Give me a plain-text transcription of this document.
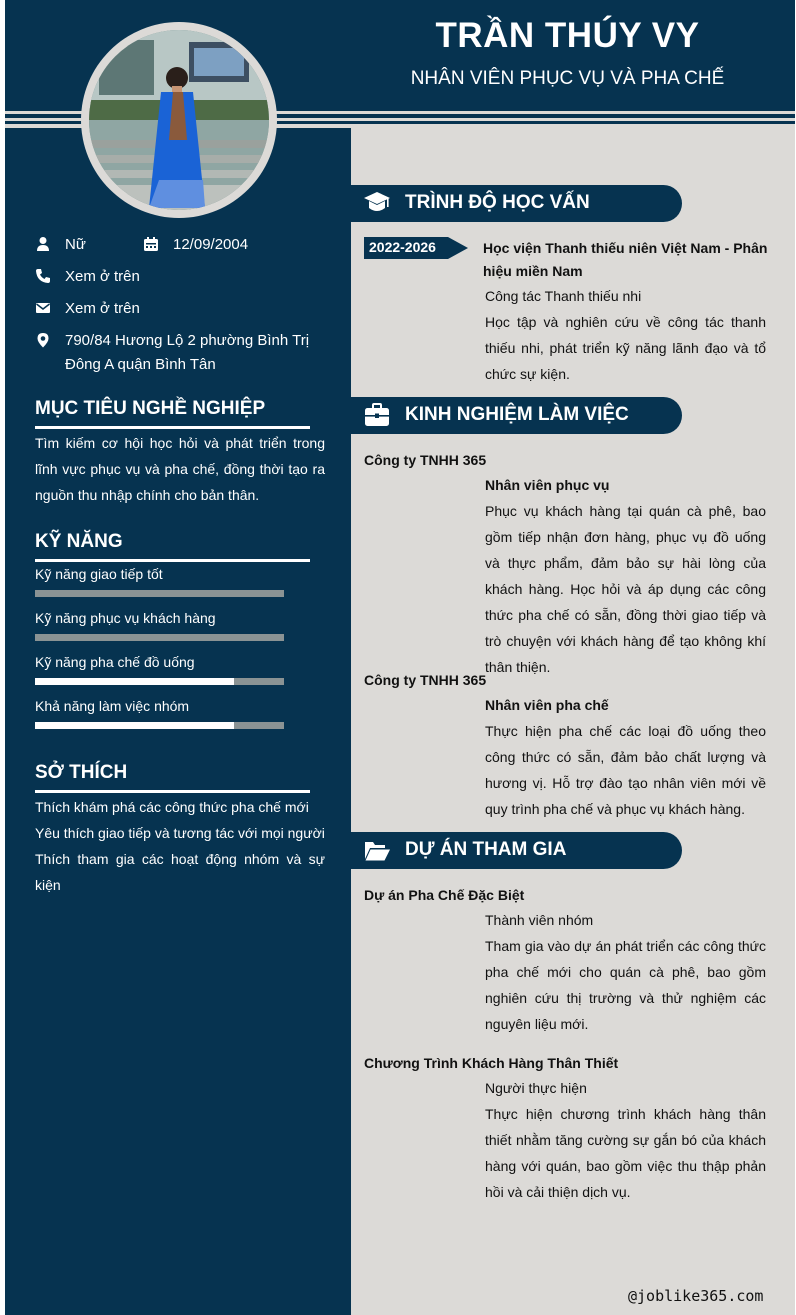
TRẦN THÚY VY
NHÂN VIÊN PHỤC VỤ VÀ PHA CHẾ
Nữ	12/09/2004
Xem ở trên
Xem ở trên
790/84 Hương Lộ 2 phường Bình Trị Đông A quận Bình Tân
MỤC TIÊU NGHỀ NGHIỆP
Tìm kiếm cơ hội học hỏi và phát triển trong lĩnh vực phục vụ và pha chế, đồng thời tạo ra nguồn thu nhập chính cho bản thân.
KỸ NĂNG
SỞ THÍCH
Thích khám phá các công thức pha chế mới
Yêu thích giao tiếp và tương tác với mọi người
Thích tham gia các hoạt động nhóm và sự kiện
TRÌNH ĐỘ HỌC VẤN
2022-2026	Học viện Thanh thiếu niên Việt Nam - Phân hiệu miền Nam
Công tác Thanh thiếu nhi
Học tập và nghiên cứu về công tác thanh thiếu nhi, phát triển kỹ năng lãnh đạo và tổ chức sự kiện.
KINH NGHIỆM LÀM VIỆC
Công ty TNHH 365
Nhân viên phục vụ
Phục vụ khách hàng tại quán cà phê, bao gồm tiếp nhận đơn hàng, phục vụ đồ uống và thực phẩm, đảm bảo sự hài lòng của khách hàng. Học hỏi và áp dụng các công thức pha chế có sẵn, đồng thời giao tiếp và trò chuyện với khách hàng để tạo không khí thân thiện.
Công ty TNHH 365
Nhân viên pha chế
Thực hiện pha chế các loại đồ uống theo công thức có sẵn, đảm bảo chất lượng và hương vị. Hỗ trợ đào tạo nhân viên mới về quy trình pha chế và phục vụ khách hàng.
DỰ ÁN THAM GIA
Dự án Pha Chế Đặc Biệt
Thành viên nhóm
Tham gia vào dự án phát triển các công thức pha chế mới cho quán cà phê, bao gồm nghiên cứu thị trường và thử nghiệm các nguyên liệu mới.
Chương Trình Khách Hàng Thân Thiết
Người thực hiện
Thực hiện chương trình khách hàng thân thiết nhằm tăng cường sự gắn bó của khách hàng với quán, bao gồm việc thu thập phản hồi và cải thiện dịch vụ.
@joblike365.com
Kỹ năng giao tiếp tốt
Kỹ năng phục vụ khách hàng
Kỹ năng pha chế đồ uống
Khả năng làm việc nhóm
